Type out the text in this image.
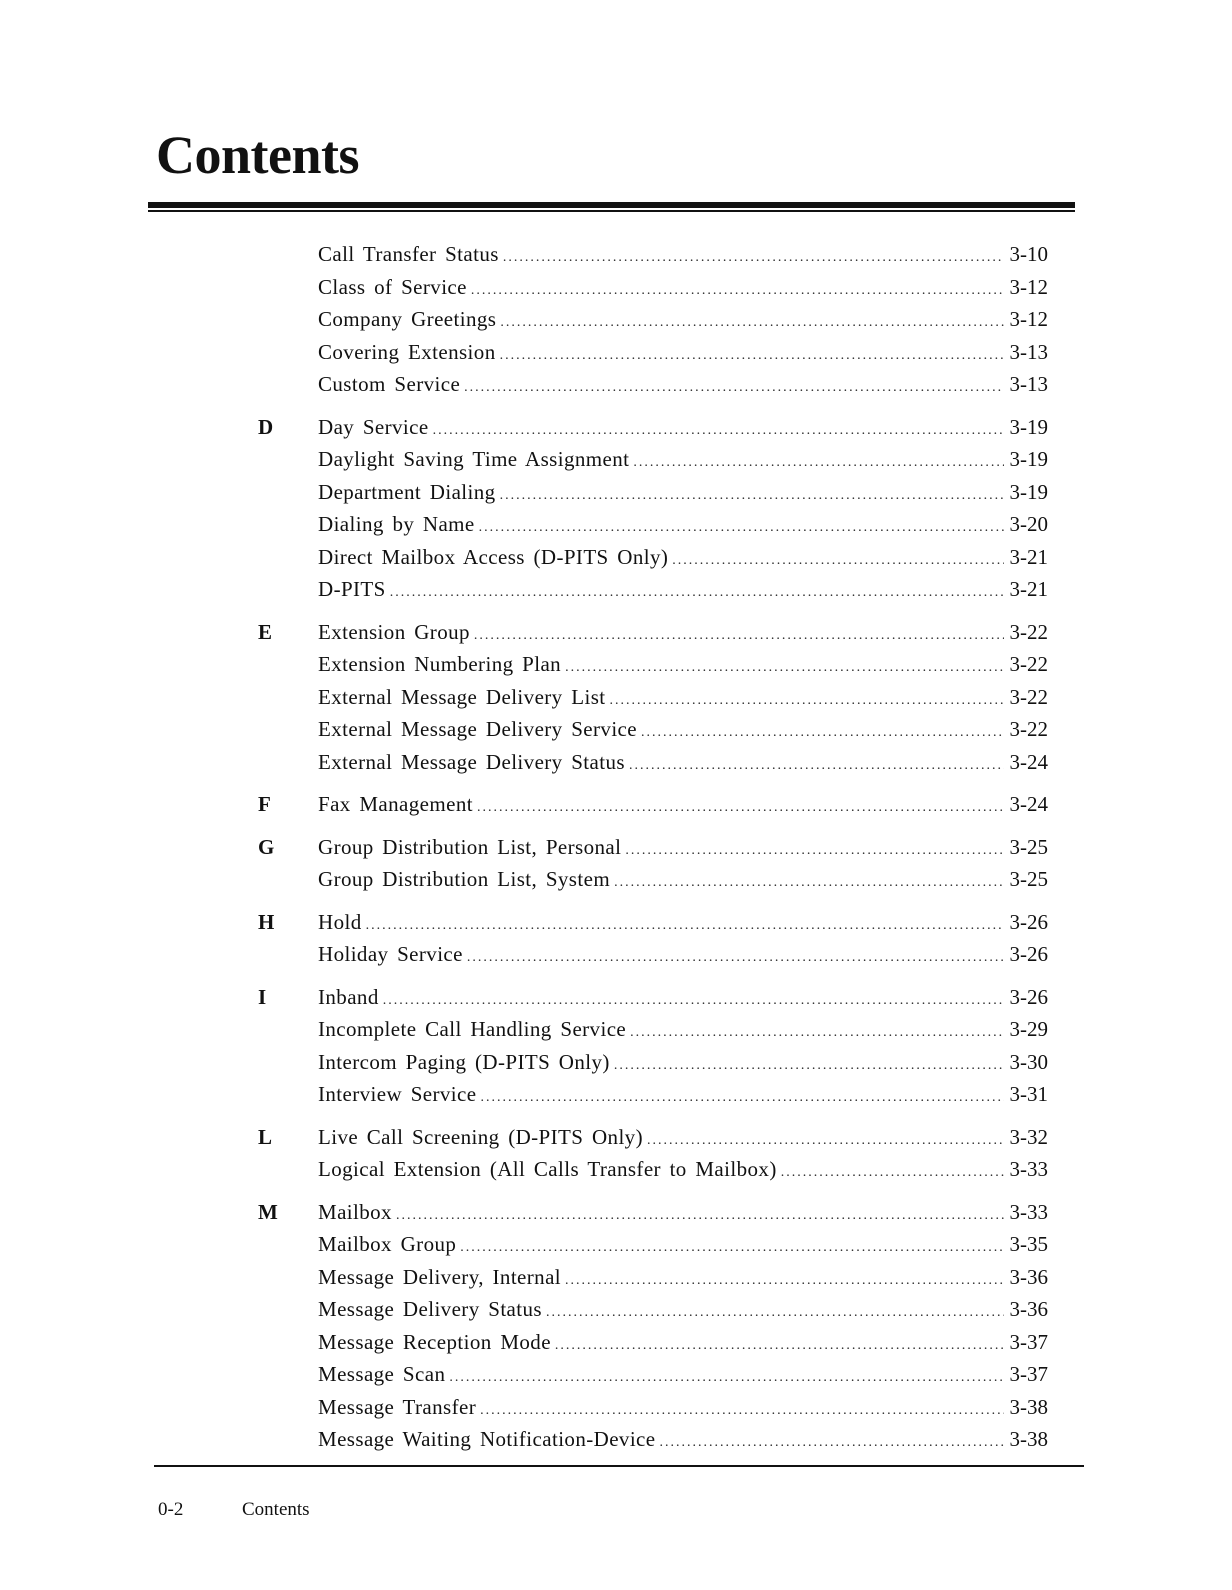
Contents
Call Transfer Status .....	3-10
Class of Service .....	3-12
Company Greetings .....	3-12
Covering Extension .....	3-13
Custom Service .....	3-13
D	Day Service .....	3-19
Daylight Saving Time Assignment .....	3-19
Department Dialing .....	3-19
Dialing by Name .....	3-20
Direct Mailbox Access (D-PITS Only) .....	3-21
D-PITS .....	3-21
E	Extension Group .....	3-22
Extension Numbering Plan .....	3-22
External Message Delivery List .....	3-22
External Message Delivery Service .....	3-22
External Message Delivery Status .....	3-24
F	Fax Management .....	3-24
G	Group Distribution List, Personal .....	3-25
Group Distribution List, System .....	3-25
H	Hold .....	3-26
Holiday Service .....	3-26
I	Inband .....	3-26
Incomplete Call Handling Service .....	3-29
Intercom Paging (D-PITS Only) .....	3-30
Interview Service .....	3-31
L	Live Call Screening (D-PITS Only) .....	3-32
Logical Extension (All Calls Transfer to Mailbox) .....	3-33
M	Mailbox .....	3-33
Mailbox Group .....	3-35
Message Delivery, Internal .....	3-36
Message Delivery Status .....	3-36
Message Reception Mode .....	3-37
Message Scan .....	3-37
Message Transfer .....	3-38
Message Waiting Notification-Device .....	3-38
0-2	Contents
